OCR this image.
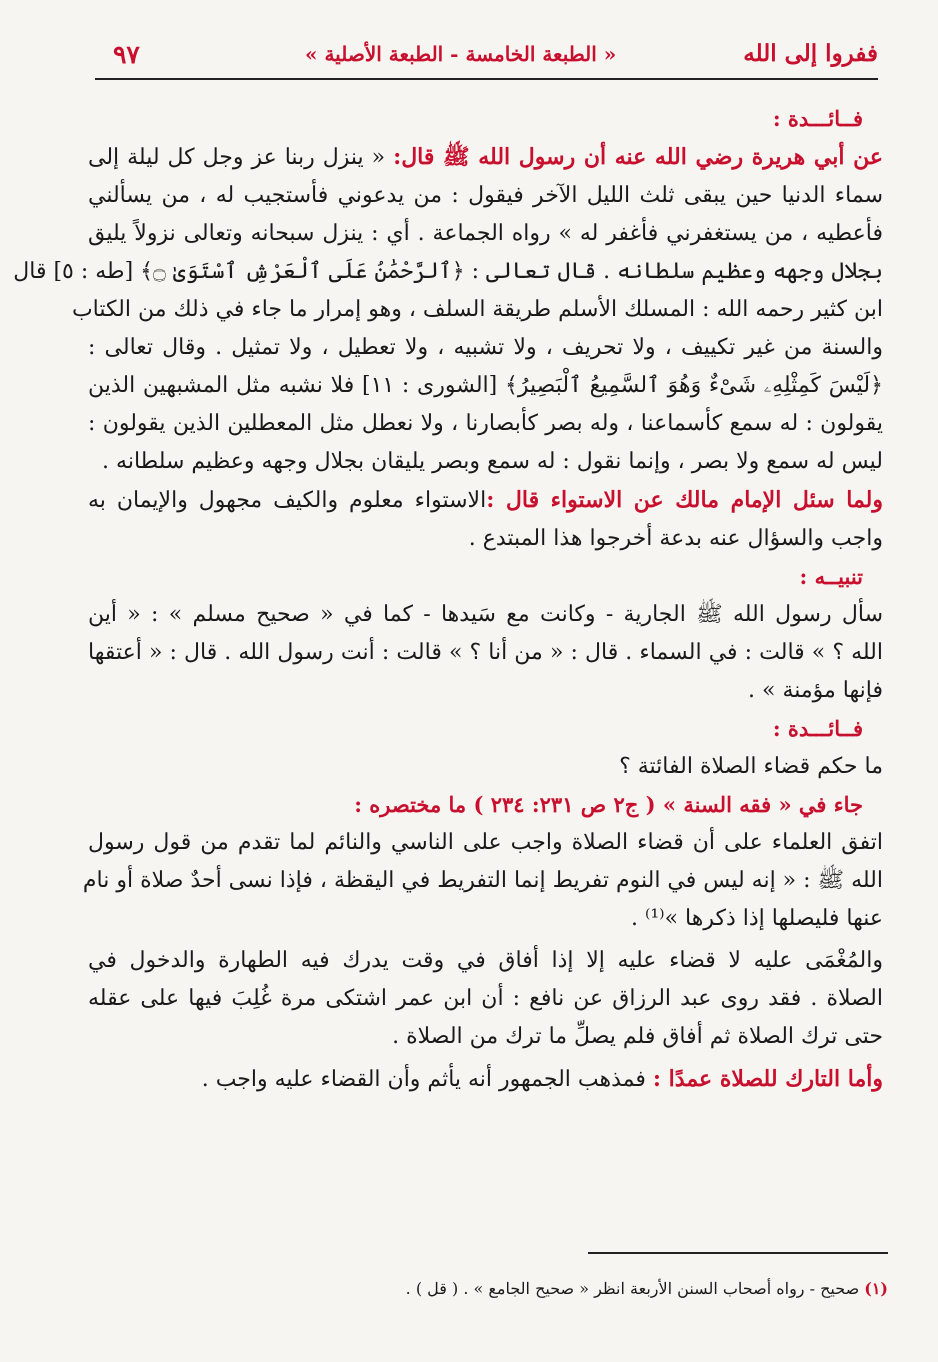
ففروا إلى الله
« الطبعة الخامسة - الطبعة الأصلية »
٩٧
فــائـــدة :
عن أبي هريرة رضي الله عنه أن رسول الله ﷺ قال: « ينزل ربنا عز وجل كل ليلة إلى
سماء الدنيا حين يبقى ثلث الليل الآخر فيقول : من يدعوني فأستجيب له ، من يسألني
فأعطيه ، من يستغفرني فأغفر له » رواه الجماعة . أي : ينزل سبحانه وتعالى نزولاً يليق
بجلال وجهه وعظيم سلطانه . قال تعالى : ﴿ٱلرَّحْمَٰنُ عَلَى ٱلْعَرْشِ ٱسْتَوَىٰ ۝﴾ [طه : ٥] قال
ابن كثير رحمه الله : المسلك الأسلم طريقة السلف ، وهو إمرار ما جاء في ذلك من الكتاب
والسنة من غير تكييف ، ولا تحريف ، ولا تشبيه ، ولا تعطيل ، ولا تمثيل . وقال تعالى :
﴿لَيْسَ كَمِثْلِهِۦ شَىْءٌ وَهُوَ ٱلسَّمِيعُ ٱلْبَصِيرُ﴾ [الشورى : ١١] فلا نشبه مثل المشبهين الذين
يقولون : له سمع كأسماعنا ، وله بصر كأبصارنا ، ولا نعطل مثل المعطلين الذين يقولون :
ليس له سمع ولا بصر ، وإنما نقول : له سمع وبصر يليقان بجلال وجهه وعظيم سلطانه .
ولما سئل الإمام مالك عن الاستواء قال :الاستواء معلوم والكيف مجهول والإيمان به
واجب والسؤال عنه بدعة أخرجوا هذا المبتدع .
تنبيــه :
سأل رسول الله ﷺ الجارية - وكانت مع سَيدها - كما في « صحيح مسلم » : « أين
الله ؟ » قالت : في السماء . قال : « من أنا ؟ » قالت : أنت رسول الله . قال : « أعتقها
فإنها مؤمنة » .
فــائـــدة :
ما حكم قضاء الصلاة الفائتة ؟
جاء في « فقه السنة » ( ج٢ ص ٢٣١: ٢٣٤ ) ما مختصره :
اتفق العلماء على أن قضاء الصلاة واجب على الناسي والنائم لما تقدم من قول رسول
الله ﷺ : « إنه ليس في النوم تفريط إنما التفريط في اليقظة ، فإذا نسى أحدٌ صلاة أو نام
عنها فليصلها إذا ذكرها »⁽¹⁾ .
والمُغْمَى عليه لا قضاء عليه إلا إذا أفاق في وقت يدرك فيه الطهارة والدخول في
الصلاة . فقد روى عبد الرزاق عن نافع : أن ابن عمر اشتكى مرة غُلِبَ فيها على عقله
حتى ترك الصلاة ثم أفاق فلم يصلِّ ما ترك من الصلاة .
وأما التارك للصلاة عمدًا : فمذهب الجمهور أنه يأثم وأن القضاء عليه واجب .
(١) صحيح - رواه أصحاب السنن الأربعة انظر « صحيح الجامع » . ( قل ) .
